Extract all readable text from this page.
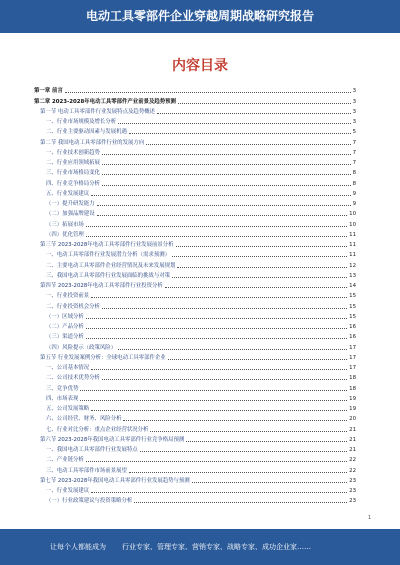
电动工具零部件企业穿越周期战略研究报告
内容目录
第一章 前言	3
第二章 2023-2028年电动工具零部件产业前景及趋势预测	3
第一节 电动工具零部件行业发展特点及趋势概述	3
一、行业市场规模及增长分析	3
二、行业主要驱动因素与发展机遇	5
第二节 我国电动工具零部件行业的发展方向	7
一、行业技术创新趋势	7
二、行业应用领域拓展	7
三、行业市场格局变化	8
四、行业竞争格局分析	8
五、行业发展建议	9
（一）提升研发能力	9
（二）加强品牌建设	10
（三）拓展市场	10
（四）优化管理	11
第三节 2023-2028年电动工具零部件行业发展前景分析	11
一、电动工具零部件行业发展潜力分析（需求预测）	11
二、主要电动工具零部件企业经营情况及未来发展规划	12
三、我国电动工具零部件行业发展面临的挑战与对策	13
第四节 2023-2028年电动工具零部件行业投资分析	14
一、行业投资前景	15
二、行业投资机会分析	15
（一）区域分析	15
（二）产品分析	16
（三）渠道分析	16
（四）风险提示（政策风险）	17
第五节 行业发展案例分析：全球电动工具零部件企业	17
一、公司基本情况	17
二、公司技术优势分析	18
三、竞争优势	18
四、市场表现	19
五、公司发展策略	19
六、公司经营、财务、风险分析	20
七、行业对比分析：重点企业经营状况分析	21
第六节 2023-2028年我国电动工具零部件行业竞争格局预测	21
一、我国电动工具零部件行业发展特点	21
二、产业链分析	22
三、电动工具零部件市场前景展望	22
第七节 2023-2028年我国电动工具零部件行业发展趋势与预测	23
一、行业发展建议	23
（一）行业政策建议与投资策略分析	23
1
让每个人都能成为 行业专家、管理专家、营销专家、战略专家、成功企业家……
